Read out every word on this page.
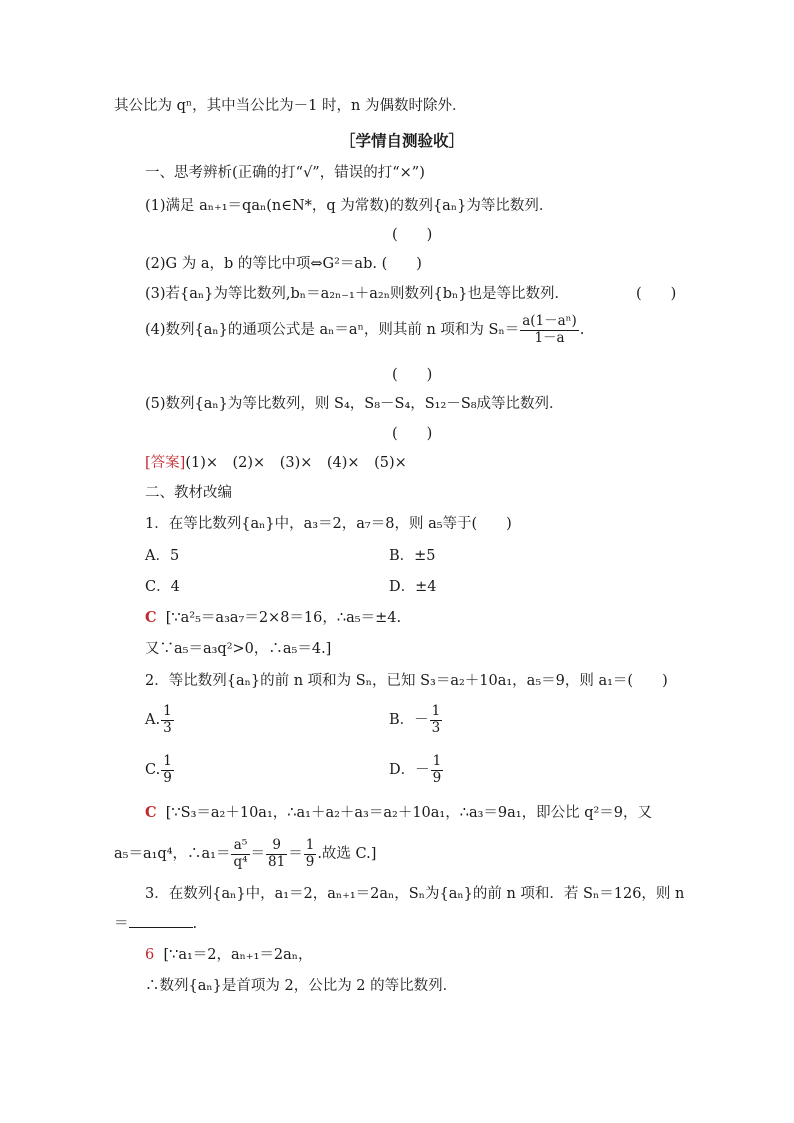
其公比为 qⁿ，其中当公比为－1 时，n 为偶数时除外．
［学情自测验收］
一、思考辨析(正确的打“√”，错误的打“×”)
(1)满足 aₙ₊₁＝qaₙ(n∈N*，q 为常数)的数列{aₙ}为等比数列．
(　　)
(2)G 为 a，b 的等比中项⇔G²＝ab. (　　)
(3)若{aₙ}为等比数列,bₙ＝a₂ₙ₋₁＋a₂ₙ则数列{bₙ}也是等比数列．	(　　)
(4)数列{aₙ}的通项公式是 aₙ＝aⁿ，则其前 n 项和为 $S_n= \frac{\text{a(1－aⁿ)}}{1-a}$ .
(　　)
(5)数列{aₙ}为等比数列，则 S₄，S₈－S₄，S₁₂－S₈成等比数列．
(　　)
[答案](1)×　(2)×　(3)×　(4)×　(5)×
二、教材改编
1．在等比数列{aₙ}中，a₃＝2，a₇＝8，则 a₅等于(　　)
A．5	B．±5
C．4	D．±4
C [∵a²₅＝a₃a₇＝2×8＝16，∴a₅＝±4.
又∵a₅＝a₃q²>0，∴a₅＝4.]
2．等比数列{aₙ}的前 n 项和为 Sₙ，已知 S₃＝a₂＋10a₁，a₅＝9，则 a₁＝(　　)
A. $\frac{1}{3}$	B．－ $\frac{1}{3}$
C. $\frac{1}{9}$	D．－ $\frac{1}{9}$
C [∵S₃＝a₂＋10a₁，∴a₁＋a₂＋a₃＝a₂＋10a₁，∴a₃＝9a₁，即公比 q²＝9，又
a₅＝a₁q⁴，∴a₁＝ $\frac{\text{a⁵}}{\text{q⁴}} = \frac{9}{81} = \frac{1}{9}$ .故选 C.]
3．在数列{aₙ}中，a₁＝2，aₙ₊₁＝2aₙ，Sₙ为{aₙ}的前 n 项和．若 Sₙ＝126，则 n
＝	.
6 [∵a₁＝2，aₙ₊₁＝2aₙ，
∴数列{aₙ}是首项为 2，公比为 2 的等比数列．
